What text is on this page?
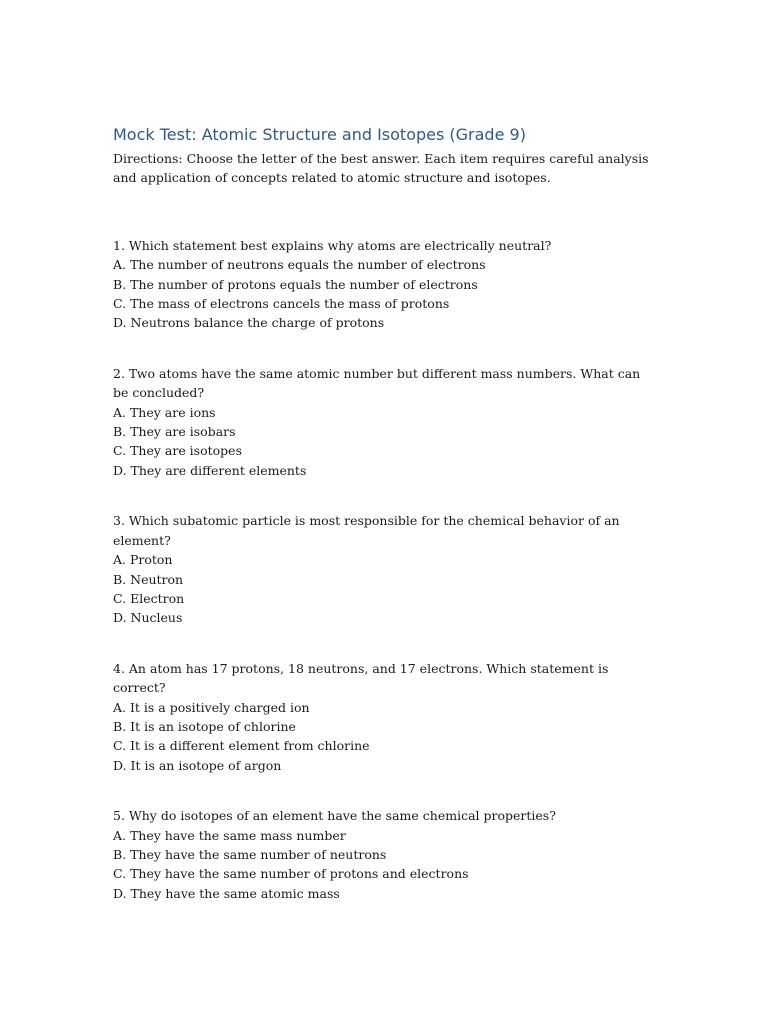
Mock Test: Atomic Structure and Isotopes (Grade 9)

Directions: Choose the letter of the best answer. Each item requires careful analysis and application of concepts related to atomic structure and isotopes.

1. Which statement best explains why atoms are electrically neutral?
A. The number of neutrons equals the number of electrons
B. The number of protons equals the number of electrons
C. The mass of electrons cancels the mass of protons
D. Neutrons balance the charge of protons
2. Two atoms have the same atomic number but different mass numbers. What can be concluded?
A. They are ions
B. They are isobars
C. They are isotopes
D. They are different elements
3. Which subatomic particle is most responsible for the chemical behavior of an element?
A. Proton
B. Neutron
C. Electron
D. Nucleus
4. An atom has 17 protons, 18 neutrons, and 17 electrons. Which statement is correct?
A. It is a positively charged ion
B. It is an isotope of chlorine
C. It is a different element from chlorine
D. It is an isotope of argon
5. Why do isotopes of an element have the same chemical properties?
A. They have the same mass number
B. They have the same number of neutrons
C. They have the same number of protons and electrons
D. They have the same atomic mass
